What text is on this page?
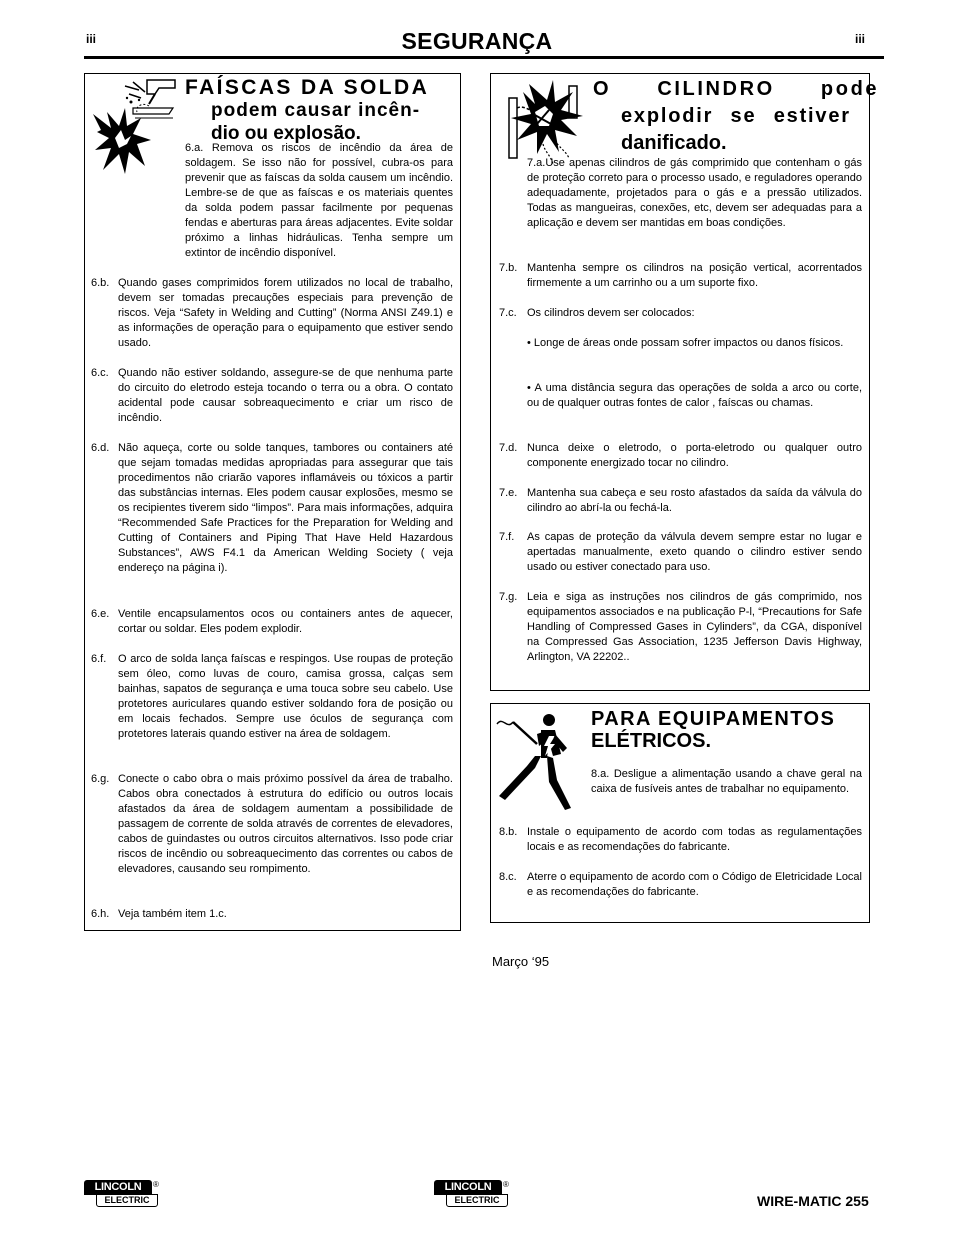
iii	SEGURANÇA	iii
FAÍSCAS DA SOLDA
podem causar incên-
dio ou explosão.
6.a. Remova os riscos de incêndio da área de soldagem. Se isso não for possível, cubra-os para prevenir que as faíscas da solda causem um incêndio. Lembre-se de que as faíscas e os materiais quentes da solda podem passar facilmente por pequenas fendas e aberturas para áreas adjacentes. Evite soldar próximo a linhas hidráulicas. Tenha sempre um extintor de incêndio disponível.
6.b. Quando gases comprimidos forem utilizados no local de trabalho, devem ser tomadas precauções especiais para prevenção de riscos. Veja “Safety in Welding and Cutting” (Norma ANSI Z49.1) e as informações de operação para o equipamento que estiver sendo usado.
6.c. Quando não estiver soldando, assegure-se de que nenhuma parte do circuito do eletrodo esteja tocando o terra ou a obra. O contato acidental pode causar sobreaquecimento e criar um risco de incêndio.
6.d. Não aqueça, corte ou solde tanques, tambores ou containers até que sejam tomadas medidas apropriadas para assegurar que tais procedimentos não criarão vapores inflamáveis ou tóxicos a partir das substâncias internas. Eles podem causar explosões, mesmo se os recipientes tiverem sido “limpos”. Para mais informações, adquira “Recommended Safe Practices for the Preparation for Welding and Cutting of Containers and Piping That Have Held Hazardous Substances”, AWS F4.1 da American Welding Society ( veja endereço na página i).
6.e. Ventile encapsulamentos ocos ou containers antes de aquecer, cortar ou soldar. Eles podem explodir.
6.f. O arco de solda lança faíscas e respingos. Use roupas de proteção sem óleo, como luvas de couro, camisa grossa, calças sem bainhas, sapatos de segurança e uma touca sobre seu cabelo. Use protetores auriculares quando estiver soldando fora de posição ou em locais fechados. Sempre use óculos de segurança com protetores laterais quando estiver na área de soldagem.
6.g. Conecte o cabo obra o mais próximo possível da área de trabalho. Cabos obra conectados à estrutura do edifício ou outros locais afastados da área de soldagem aumentam a possibilidade de passagem de corrente de solda através de correntes de elevadores, cabos de guindastes ou outros circuitos alternativos. Isso pode criar riscos de incêndio ou sobreaquecimento das correntes ou cabos de elevadores, causando seu rompimento.
6.h. Veja também item 1.c.
O CILINDRO pode
explodir se estiver
danificado.
7.a.Use apenas cilindros de gás comprimido que contenham o gás de proteção correto para o processo usado, e reguladores operando adequadamente, projetados para o gás e a pressão utilizados. Todas as mangueiras, conexões, etc, devem ser adequadas para a aplicação e devem ser mantidas em boas condições.
7.b. Mantenha sempre os cilindros na posição vertical, acorrentados firmemente a um carrinho ou a um suporte fixo.
7.c. Os cilindros devem ser colocados:
• Longe de áreas onde possam sofrer impactos ou danos físicos.
• A uma distância segura das operações de solda a arco ou corte, ou de qualquer outras fontes de calor , faíscas ou chamas.
7.d. Nunca deixe o eletrodo, o porta-eletrodo ou qualquer outro componente energizado tocar no cilindro.
7.e. Mantenha sua cabeça e seu rosto afastados da saída da válvula do cilindro ao abrí-la ou fechá-la.
7.f. As capas de proteção da válvula devem sempre estar no lugar e apertadas manualmente, exeto quando o cilindro estiver sendo usado ou estiver conectado para uso.
7.g. Leia e siga as instruções nos cilindros de gás comprimido, nos equipamentos associados e na publicação P-l, “Precautions for Safe Handling of Compressed Gases in Cylinders”, da CGA, disponível na Compressed Gas Association, 1235 Jefferson Davis Highway, Arlington, VA 22202..
PARA EQUIPAMENTOS
ELÉTRICOS.
8.a. Desligue a alimentação usando a chave geral na caixa de fusíveis antes de trabalhar no equipamento.
8.b. Instale o equipamento de acordo com todas as regulamentações locais e as recomendações do fabricante.
8.c. Aterre o equipamento de acordo com o Código de Eletricidade Local e as recomendações do fabricante.
Março ‘95
LINCOLN	®
ELECTRIC
LINCOLN	®
ELECTRIC	WIRE-MATIC 255
